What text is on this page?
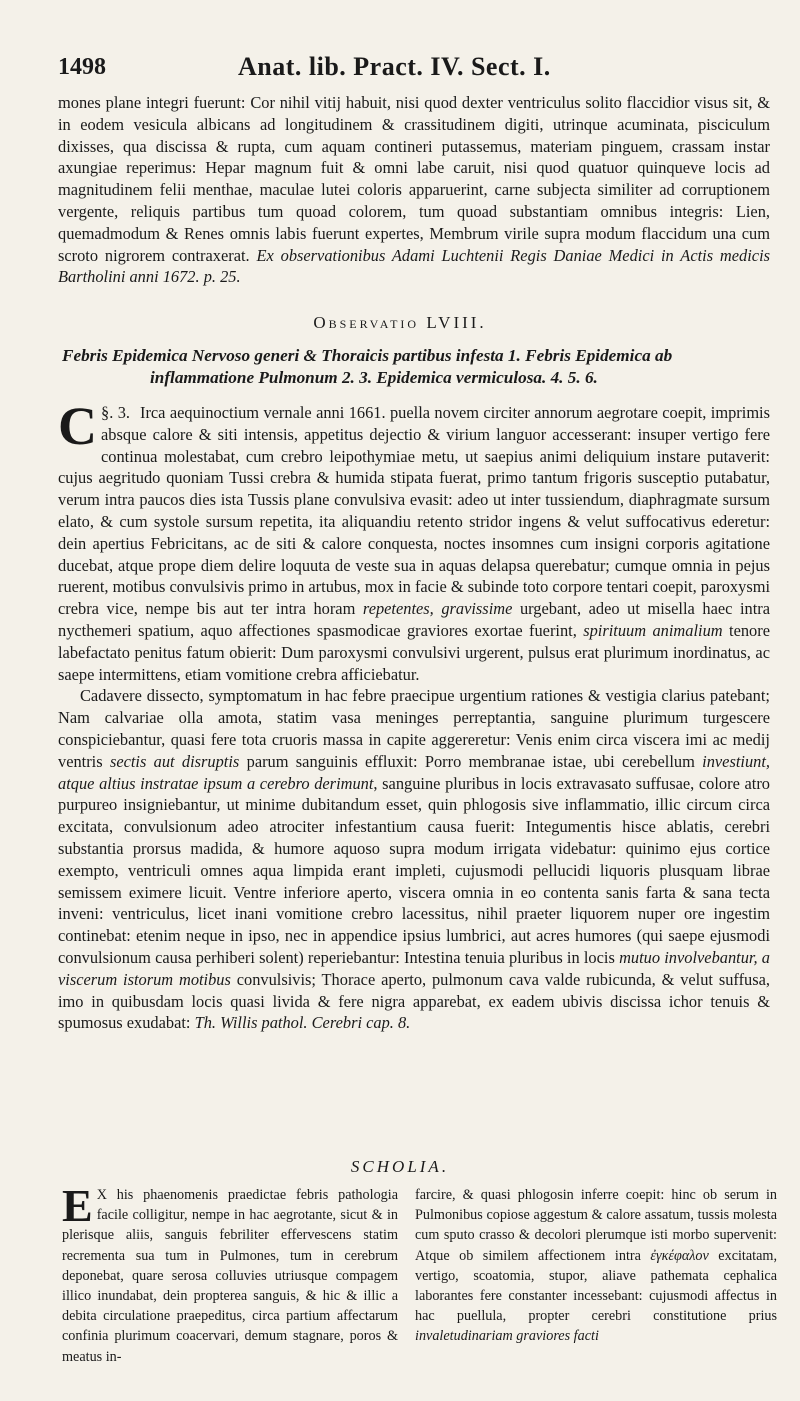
1498	Anat. lib. Pract. IV. Sect. I.

mones plane integri fuerunt: Cor nihil vitij habuit, nisi quod dexter ventriculus solito flaccidior visus sit, & in eodem vesicula albicans ad longitudinem & crassitudinem digiti, utrinque acuminata, pisciculum dixisses, qua discissa & rupta, cum aquam contineri putassemus, materiam pinguem, crassam instar axungiae reperimus: Hepar magnum fuit & omni labe caruit, nisi quod quatuor quinqueve locis ad magnitudinem felii menthae, maculae lutei coloris apparuerint, carne subjecta similiter ad corruptionem vergente, reliquis partibus tum quoad colorem, tum quoad substantiam omnibus integris: Lien, quemadmodum & Renes omnis labis fuerunt expertes, Membrum virile supra modum flaccidum una cum scroto nigrorem contraxerat. Ex observationibus Adami Luchtenii Regis Daniae Medici in Actis medicis Bartholini anni 1672. p. 25.

Observatio LVIII.
Febris Epidemica Nervoso generi & Thoraicis partibus infesta 1. Febris Epidemica ab
inflammatione Pulmonum 2. 3. Epidemica vermiculosa. 4. 5. 6.

§. 3.
C	Irca aequinoctium vernale anni 1661. puella novem circiter annorum aegrotare coepit, imprimis absque calore & siti intensis, appetitus dejectio & virium languor accesserant: insuper vertigo fere continua molestabat, cum crebro leipothymiae metu, ut saepius animi deliquium instare putaverit: cujus aegritudo quoniam Tussi crebra & humida stipata fuerat, primo tantum frigoris susceptio putabatur, verum intra paucos dies ista Tussis plane convulsiva evasit: adeo ut inter tussiendum, diaphragmate sursum elato, & cum systole sursum repetita, ita aliquandiu retento stridor ingens & velut suffocativus ederetur: dein apertius Febricitans, ac de siti & calore conquesta, noctes insomnes cum insigni corporis agitatione ducebat, atque prope diem delire loquuta de veste sua in aquas delapsa querebatur; cumque omnia in pejus ruerent, motibus convulsivis primo in artubus, mox in facie & subinde toto corpore tentari coepit, paroxysmi crebra vice, nempe bis aut ter intra horam repetentes, gravissime urgebant, adeo ut misella haec intra nycthemeri spatium, aquo affectiones spasmodicae graviores exortae fuerint, spirituum animalium tenore labefactato penitus fatum obierit: Dum paroxysmi convulsivi urgerent, pulsus erat plurimum inordinatus, ac saepe intermittens, etiam vomitione crebra afficiebatur.

Cadavere dissecto, symptomatum in hac febre praecipue urgentium rationes & vestigia clarius patebant; Nam calvariae olla amota, statim vasa meninges perreptantia, sanguine plurimum turgescere conspiciebantur, quasi fere tota cruoris massa in capite aggereretur: Venis enim circa viscera imi ac medij ventris sectis aut disruptis parum sanguinis effluxit: Porro membranae istae, ubi cerebellum investiunt, atque altius instratae ipsum a cerebro derimunt, sanguine pluribus in locis extravasato suffusae, colore atro purpureo insigniebantur, ut minime dubitandum esset, quin phlogosis sive inflammatio, illic circum circa excitata, convulsionum adeo atrociter infestantium causa fuerit: Integumentis hisce ablatis, cerebri substantia prorsus madida, & humore aquoso supra modum irrigata videbatur: quinimo ejus cortice exempto, ventriculi omnes aqua limpida erant impleti, cujusmodi pellucidi liquoris plusquam librae semissem eximere licuit. Ventre inferiore aperto, viscera omnia in eo contenta sanis farta & sana tecta inveni: ventriculus, licet inani vomitione crebro lacessitus, nihil praeter liquorem nuper ore ingestim continebat: etenim neque in ipso, nec in appendice ipsius lumbrici, aut acres humores (qui saepe ejusmodi convulsionum causa perhiberi solent) reperiebantur: Intestina tenuia pluribus in locis mutuo involvebantur, a viscerum istorum motibus convulsivis; Thorace aperto, pulmonum cava valde rubicunda, & velut suffusa, imo in quibusdam locis quasi livida & fere nigra apparebat, ex eadem ubivis discissa ichor tenuis & spumosus exudabat: Th. Willis pathol. Cerebri cap. 8.

SCHOLIA.
E X his phaenomenis praedictae febris pathologia facile colligitur, nempe in hac aegrotante, sicut & in plerisque aliis, sanguis febriliter effervescens statim recrementa sua tum in Pulmones, tum in cerebrum deponebat, quare serosa colluvies utriusque compagem illico inundabat, dein propterea sanguis, & hic & illic a debita circulatione praepeditus, circa partium affectarum confinia plurimum coacervari, demum stagnare, poros & meatus in-
farcire, & quasi phlogosin inferre coepit: hinc ob serum in Pulmonibus copiose aggestum & calore assatum, tussis molesta cum sputo crasso & decolori plerumque isti morbo supervenit: Atque ob similem affectionem intra ἐγκέφαλον excitatam, vertigo, scoatomia, stupor, aliave pathemata cephalica laborantes fere constanter incessebant: cujusmodi affectus in hac puellula, propter cerebri constitutione prius invaletudinariam graviores facti
